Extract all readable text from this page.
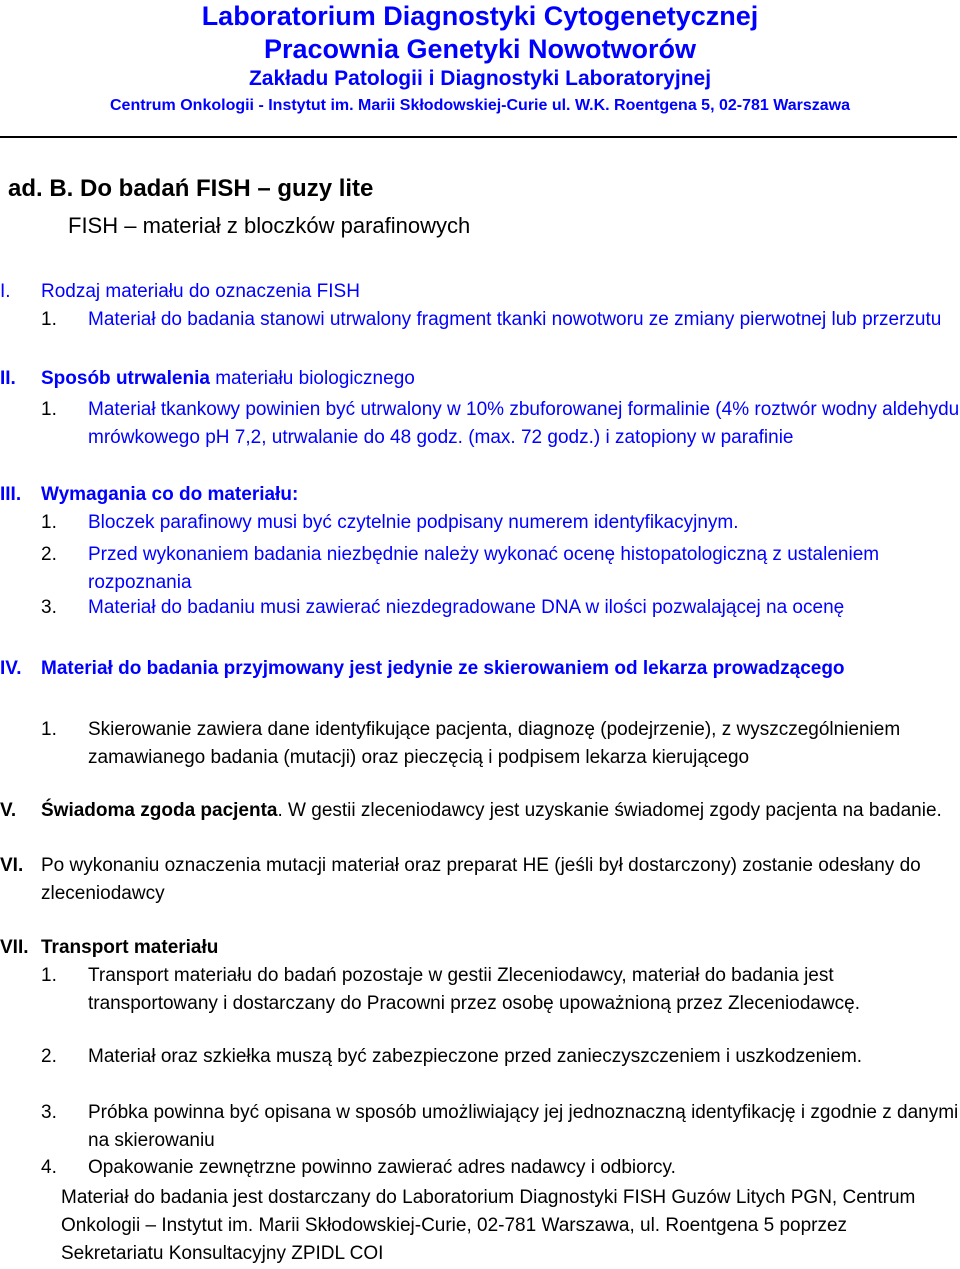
Laboratorium Diagnostyki Cytogenetycznej
Pracownia Genetyki Nowotworów
Zakładu Patologii i Diagnostyki Laboratoryjnej
Centrum Onkologii - Instytut im. Marii Skłodowskiej-Curie ul. W.K. Roentgena 5, 02-781 Warszawa
ad. B. Do badań FISH – guzy lite
FISH – materiał z bloczków parafinowych
I. Rodzaj materiału do oznaczenia FISH
1. Materiał do badania stanowi utrwalony fragment tkanki nowotworu ze zmiany pierwotnej lub przerzutu
II. Sposób utrwalenia materiału biologicznego
1. Materiał tkankowy powinien być utrwalony w 10% zbuforowanej formalinie (4% roztwór wodny aldehydu mrówkowego pH 7,2, utrwalanie do 48 godz. (max. 72 godz.) i zatopiony w parafinie
III. Wymagania co do materiału:
1. Bloczek parafinowy musi być czytelnie podpisany numerem identyfikacyjnym.
2. Przed wykonaniem badania niezbędnie należy wykonać ocenę histopatologiczną z ustaleniem rozpoznania
3. Materiał do badaniu musi zawierać niezdegradowane DNA w ilości pozwalającej na ocenę
IV. Materiał do badania przyjmowany jest jedynie ze skierowaniem od lekarza prowadzącego
1. Skierowanie zawiera dane identyfikujące pacjenta, diagnozę (podejrzenie), z wyszczególnieniem zamawianego badania (mutacji) oraz pieczęcią i podpisem lekarza kierującego
V. Świadoma zgoda pacjenta. W gestii zleceniodawcy jest uzyskanie świadomej zgody pacjenta na badanie.
VI. Po wykonaniu oznaczenia mutacji materiał oraz preparat HE (jeśli był dostarczony) zostanie odesłany do zleceniodawcy
VII. Transport materiału
1. Transport materiału do badań pozostaje w gestii Zleceniodawcy, materiał do badania jest transportowany i dostarczany do Pracowni przez osobę upoważnioną przez Zleceniodawcę.
2. Materiał oraz szkiełka muszą być zabezpieczone przed zanieczyszczeniem i uszkodzeniem.
3. Próbka powinna być opisana w sposób umożliwiający jej jednoznaczną identyfikację i zgodnie z danymi na skierowaniu
4. Opakowanie zewnętrzne powinno zawierać adres nadawcy i odbiorcy.
Materiał do badania jest dostarczany do Laboratorium Diagnostyki FISH Guzów Litych PGN, Centrum Onkologii – Instytut im. Marii Skłodowskiej-Curie, 02-781 Warszawa, ul. Roentgena 5 poprzez Sekretariatu Konsultacyjny ZPIDL COI
